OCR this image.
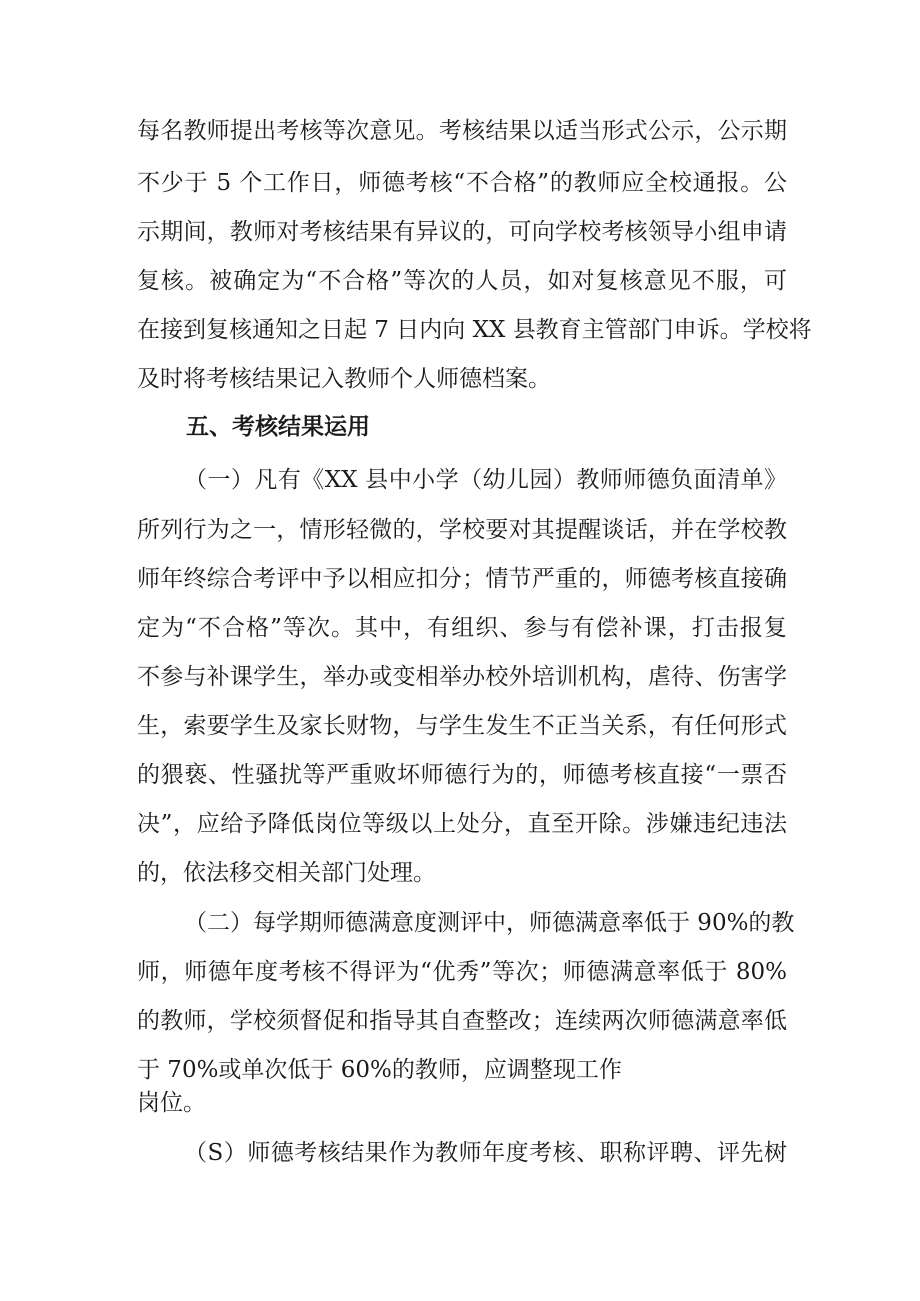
每名教师提出考核等次意见。考核结果以适当形式公示，公示期
不少于 5 个工作日，师德考核“不合格”的教师应全校通报。公
示期间，教师对考核结果有异议的，可向学校考核领导小组申请
复核。被确定为“不合格”等次的人员，如对复核意见不服，可
在接到复核通知之日起 7 日内向 XX 县教育主管部门申诉。学校将
及时将考核结果记入教师个人师德档案。
五、考核结果运用
（一）凡有《XX 县中小学（幼儿园）教师师德负面清单》
所列行为之一，情形轻微的，学校要对其提醒谈话，并在学校教
师年终综合考评中予以相应扣分；情节严重的，师德考核直接确
定为“不合格”等次。其中，有组织、参与有偿补课，打击报复
不参与补课学生，举办或变相举办校外培训机构，虐待、伤害学
生，索要学生及家长财物，与学生发生不正当关系，有任何形式
的猥亵、性骚扰等严重败坏师德行为的，师德考核直接“一票否
决”，应给予降低岗位等级以上处分，直至开除。涉嫌违纪违法
的，依法移交相关部门处理。
（二）每学期师德满意度测评中，师德满意率低于 90%的教
师，师德年度考核不得评为“优秀”等次；师德满意率低于 80%
的教师，学校须督促和指导其自查整改；连续两次师德满意率低
于 70%或单次低于 60%的教师，应调整现工作
岗位。
（S）师德考核结果作为教师年度考核、职称评聘、评先树
